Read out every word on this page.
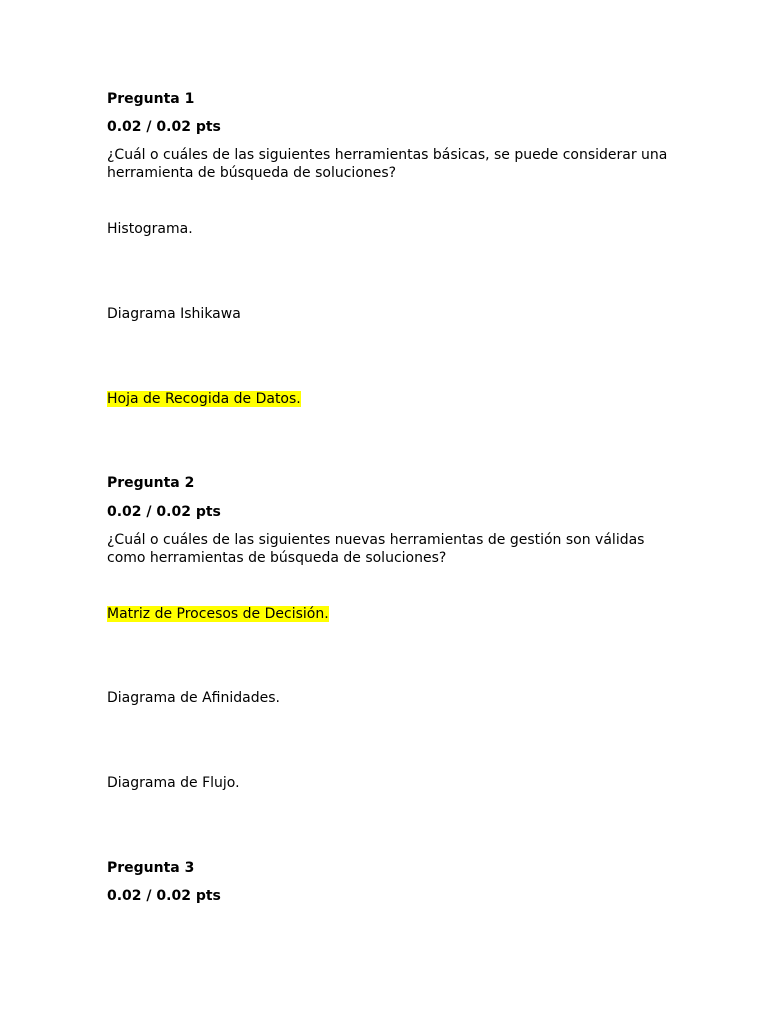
Pregunta 1

0.02 / 0.02 pts

¿Cuál o cuáles de las siguientes herramientas básicas, se puede considerar una herramienta de búsqueda de soluciones?

Histograma.

Diagrama Ishikawa

Hoja de Recogida de Datos.

Pregunta 2

0.02 / 0.02 pts

¿Cuál o cuáles de las siguientes nuevas herramientas de gestión son válidas como herramientas de búsqueda de soluciones?

Matriz de Procesos de Decisión.

Diagrama de Afinidades.

Diagrama de Flujo.

Pregunta 3

0.02 / 0.02 pts
